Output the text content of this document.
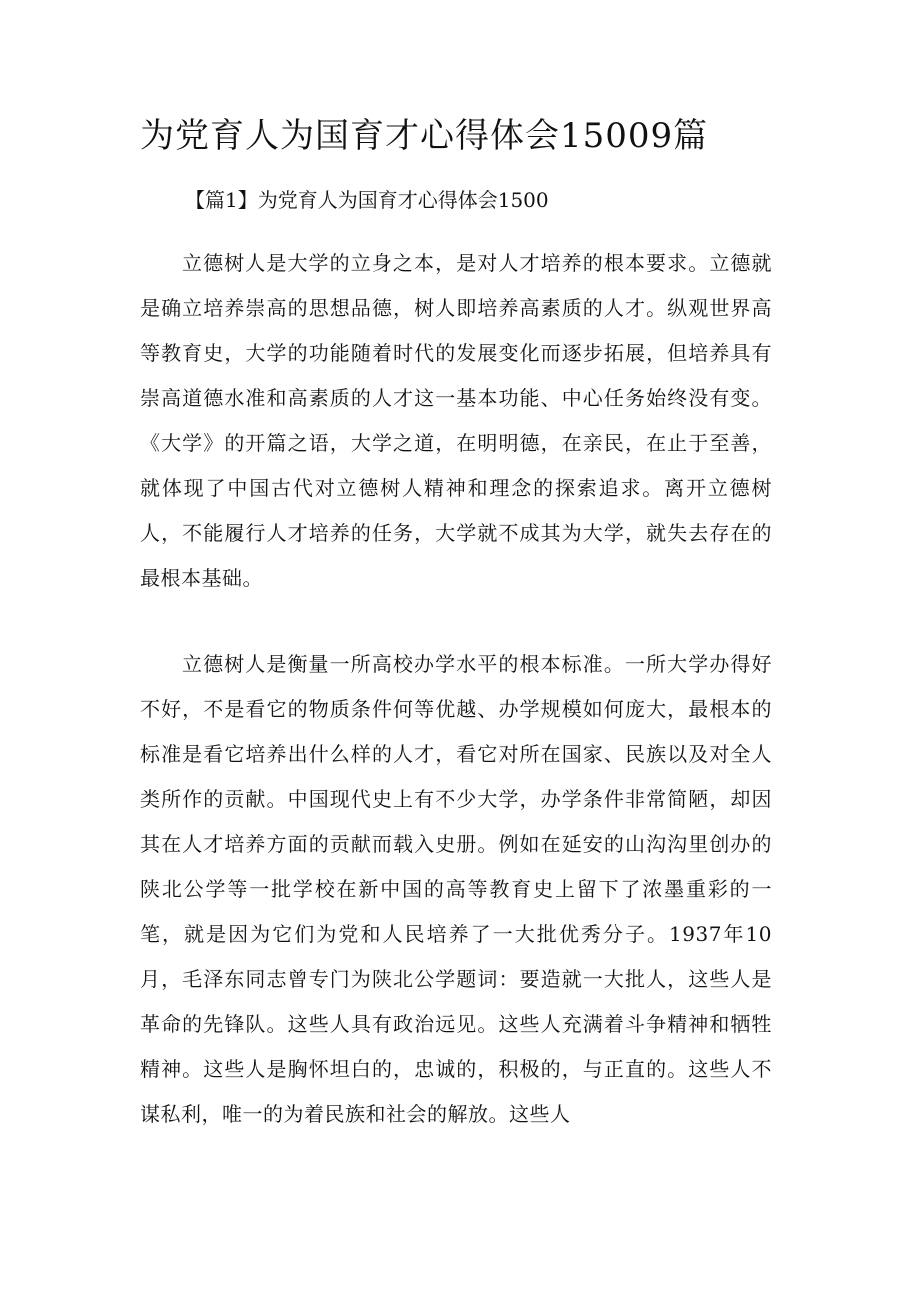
为党育人为国育才心得体会15009篇
【篇1】为党育人为国育才心得体会1500

立德树人是大学的立身之本，是对人才培养的根本要求。立德就是确立培养崇高的思想品德，树人即培养高素质的人才。纵观世界高等教育史，大学的功能随着时代的发展变化而逐步拓展，但培养具有崇高道德水准和高素质的人才这一基本功能、中心任务始终没有变。《大学》的开篇之语，大学之道，在明明德，在亲民，在止于至善，就体现了中国古代对立德树人精神和理念的探索追求。离开立德树人，不能履行人才培养的任务，大学就不成其为大学，就失去存在的最根本基础。

立德树人是衡量一所高校办学水平的根本标准。一所大学办得好不好，不是看它的物质条件何等优越、办学规模如何庞大，最根本的标准是看它培养出什么样的人才，看它对所在国家、民族以及对全人类所作的贡献。中国现代史上有不少大学，办学条件非常简陋，却因其在人才培养方面的贡献而载入史册。例如在延安的山沟沟里创办的陕北公学等一批学校在新中国的高等教育史上留下了浓墨重彩的一笔，就是因为它们为党和人民培养了一大批优秀分子。1937年10月，毛泽东同志曾专门为陕北公学题词：要造就一大批人，这些人是革命的先锋队。这些人具有政治远见。这些人充满着斗争精神和牺牲精神。这些人是胸怀坦白的，忠诚的，积极的，与正直的。这些人不谋私利，唯一的为着民族和社会的解放。这些人
